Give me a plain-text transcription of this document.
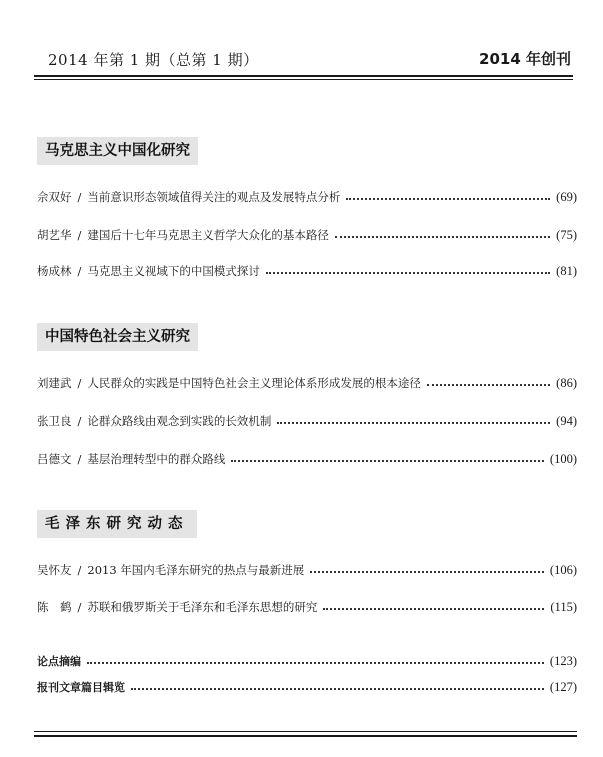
2014 年第 1 期（总第 1 期）	2014 年创刊
马克思主义中国化研究
佘双好 / 当前意识形态领域值得关注的观点及发展特点分析	(69)
胡艺华 / 建国后十七年马克思主义哲学大众化的基本路径	(75)
杨成林 / 马克思主义视域下的中国模式探讨	(81)
中国特色社会主义研究
刘建武 / 人民群众的实践是中国特色社会主义理论体系形成发展的根本途径	(86)
张卫良 / 论群众路线由观念到实践的长效机制	(94)
吕德文 / 基层治理转型中的群众路线	(100)
毛泽东研究动态
吴怀友 / 2013 年国内毛泽东研究的热点与最新进展	(106)
陈　鹤 / 苏联和俄罗斯关于毛泽东和毛泽东思想的研究	(115)
论点摘编	(123)
报刊文章篇目辑览	(127)
